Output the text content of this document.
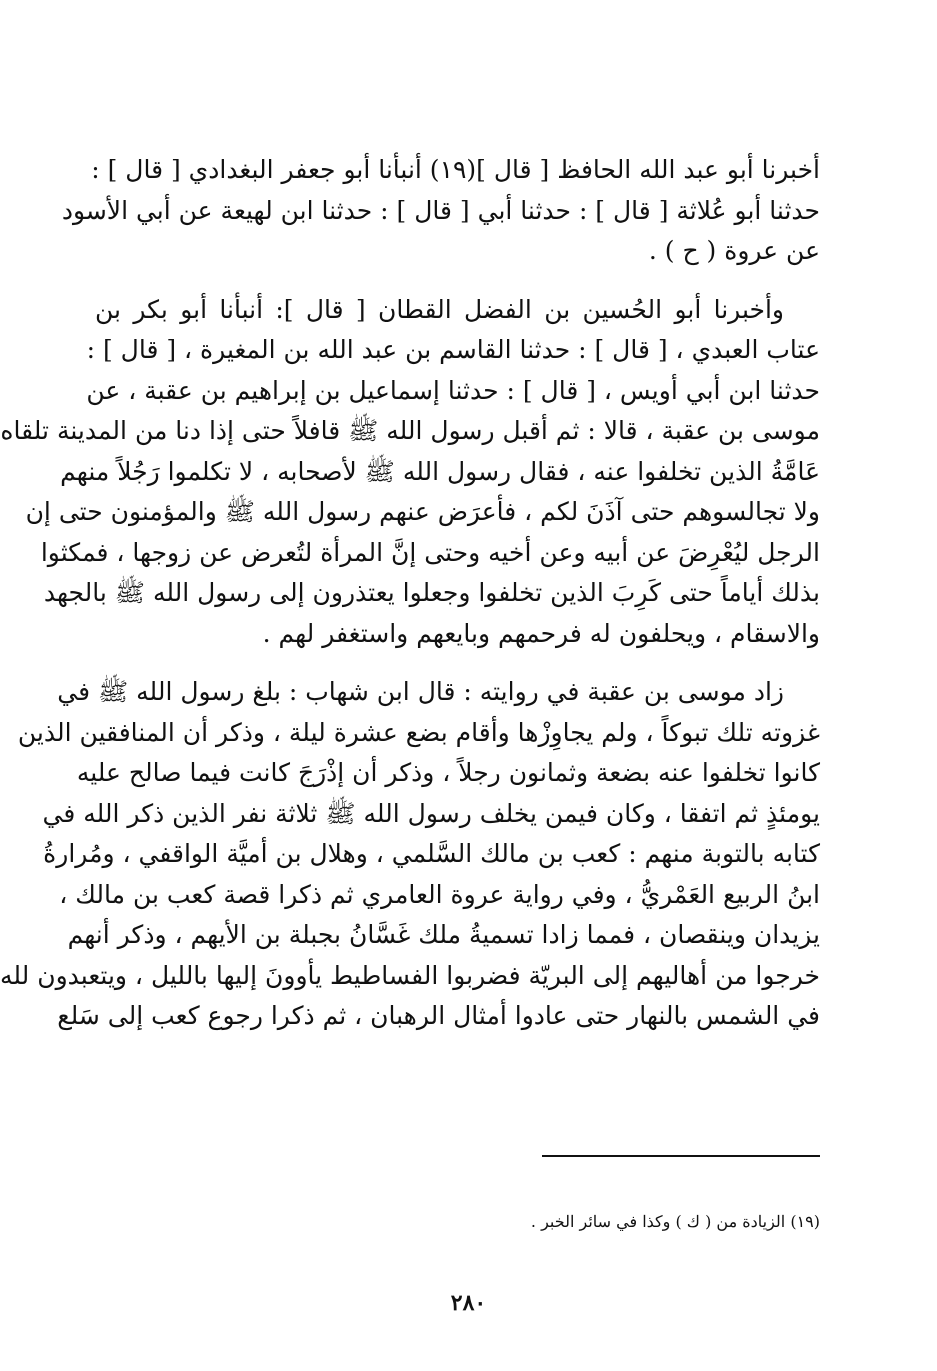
أخبرنا أبو عبد الله الحافظ [ قال ](١٩) أنبأنا أبو جعفر البغدادي [ قال ] :
حدثنا أبو عُلاثة [ قال ] : حدثنا أبي [ قال ] : حدثنا ابن لهيعة عن أبي الأسود
عن عروة ( ح ) .
وأخبرنا أبو الحُسين بن الفضل القطان [ قال ]: أنبأنا أبو بكر بن
عتاب العبدي ، [ قال ] : حدثنا القاسم بن عبد الله بن المغيرة ، [ قال ] :
حدثنا ابن أبي أويس ، [ قال ] : حدثنا إسماعيل بن إبراهيم بن عقبة ، عن
موسى بن عقبة ، قالا : ثم أقبل رسول الله ﷺ قافلاً حتى إذا دنا من المدينة تلقاه
عَامَّةُ الذين تخلفوا عنه ، فقال رسول الله ﷺ لأصحابه ، لا تكلموا رَجُلاً منهم
ولا تجالسوهم حتى آذَنَ لكم ، فأعرَض عنهم رسول الله ﷺ والمؤمنون حتى إن
الرجل ليُعْرِضَ عن أبيه وعن أخيه وحتى إنَّ المرأة لتُعرض عن زوجها ، فمكثوا
بذلك أياماً حتى كَرِبَ الذين تخلفوا وجعلوا يعتذرون إلى رسول الله ﷺ بالجهد
والاسقام ، ويحلفون له فرحمهم وبايعهم واستغفر لهم .
زاد موسى بن عقبة في روايته : قال ابن شهاب : بلغ رسول الله ﷺ في
غزوته تلك تبوكاً ، ولم يجاوِزْها وأقام بضع عشرة ليلة ، وذكر أن المنافقين الذين
كانوا تخلفوا عنه بضعة وثمانون رجلاً ، وذكر أن إذْرَجَ كانت فيما صالح عليه
يومئذٍ ثم اتفقا ، وكان فيمن يخلف رسول الله ﷺ ثلاثة نفر الذين ذكر الله في
كتابه بالتوبة منهم : كعب بن مالك السَّلمي ، وهلال بن أميَّة الواقفي ، ومُرارةُ
ابنُ الربيع العَمْريُّ ، وفي رواية عروة العامري ثم ذكرا قصة كعب بن مالك ،
يزيدان وينقصان ، فمما زادا تسميةُ ملك غَسَّانُ بجبلة بن الأيهم ، وذكر أنهم
خرجوا من أهاليهم إلى البريّة فضربوا الفساطيط يأوونَ إليها بالليل ، ويتعبدون لله
في الشمس بالنهار حتى عادوا أمثال الرهبان ، ثم ذكرا رجوع كعب إلى سَلع
(١٩) الزيادة من ( ك ) وكذا في سائر الخبر .
٢٨٠
